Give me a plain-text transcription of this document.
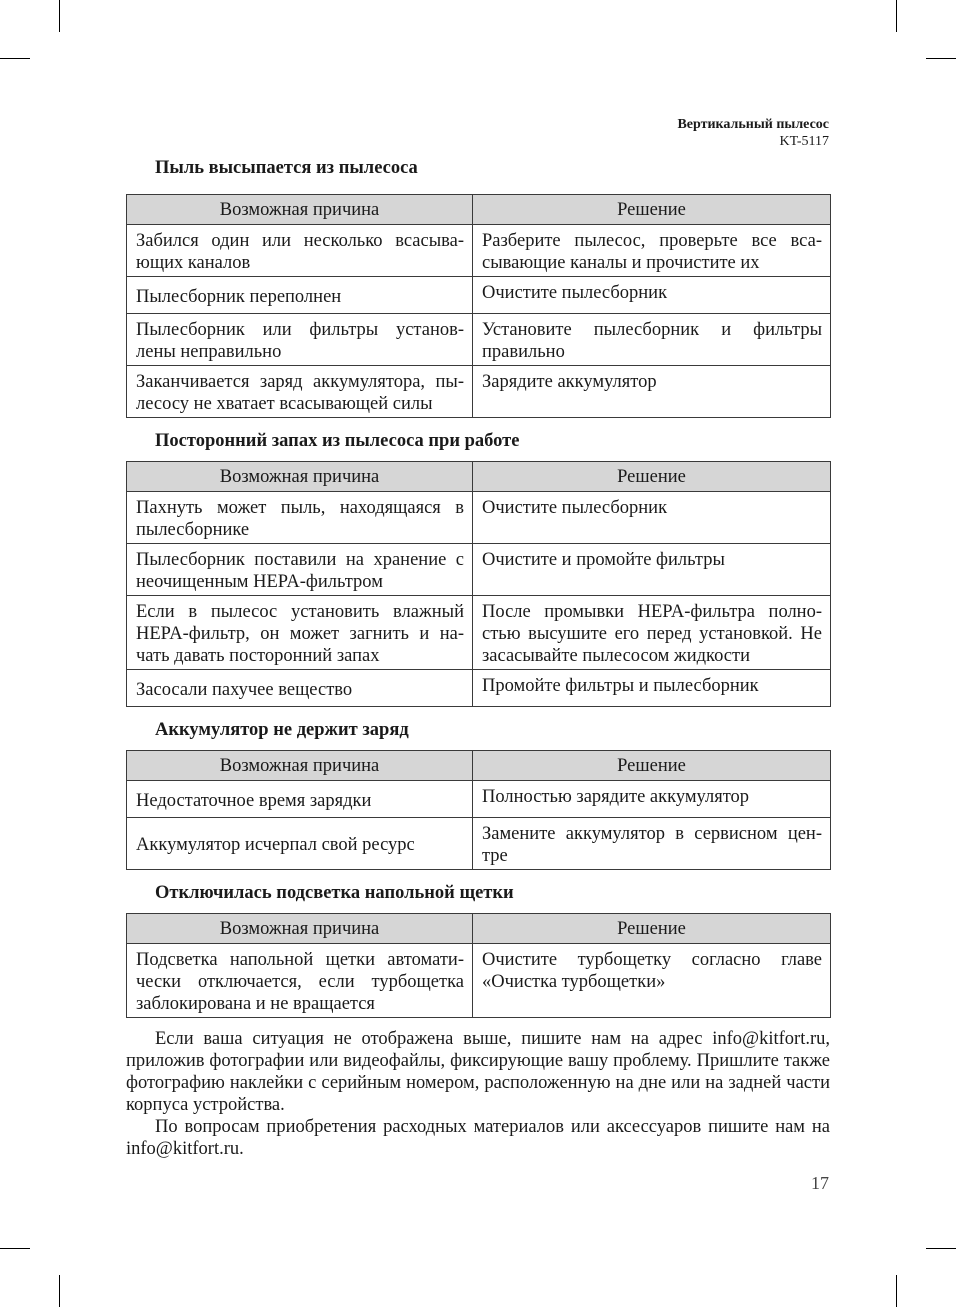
Вертикальный пылесос
KT-5117
Пыль высыпается из пылесоса
Возможная причина	Решение
Забился один или несколько всасыва-ющих каналов	Разберите пылесос, проверьте все вса-сывающие каналы и прочистите их
Пылесборник переполнен	Очистите пылесборник
Пылесборник или фильтры установ-лены неправильно	Установите пылесборник и фильтры правильно
Заканчивается заряд аккумулятора, пы-лесосу не хватает всасывающей силы	Зарядите аккумулятор
Посторонний запах из пылесоса при работе
Возможная причина	Решение
Пахнуть может пыль, находящаяся в пылесборнике	Очистите пылесборник
Пылесборник поставили на хранение с неочищенным HEPA-фильтром	Очистите и промойте фильтры
Если в пылесос установить влажный HEPA-фильтр, он может загнить и на-чать давать посторонний запах	После промывки HEPA-фильтра полно-стью высушите его перед установкой. Не засасывайте пылесосом жидкости
Засосали пахучее вещество	Промойте фильтры и пылесборник
Аккумулятор не держит заряд
Возможная причина	Решение
Недостаточное время зарядки	Полностью зарядите аккумулятор
Аккумулятор исчерпал свой ресурс	Замените аккумулятор в сервисном цен-тре
Отключилась подсветка напольной щетки
Возможная причина	Решение
Подсветка напольной щетки автомати-чески отключается, если турбощетка заблокирована и не вращается	Очистите турбощетку согласно главе «Очистка турбощетки»

Если ваша ситуация не отображена выше, пишите нам на адрес info@kitfort.ru, приложив фотографии или видеофайлы, фиксирующие вашу проблему. Пришлите также фотографию наклейки с серийным номером, расположенную на дне или на задней части корпуса устройства.

По вопросам приобретения расходных материалов или аксессуаров пишите нам на info@kitfort.ru.

17
